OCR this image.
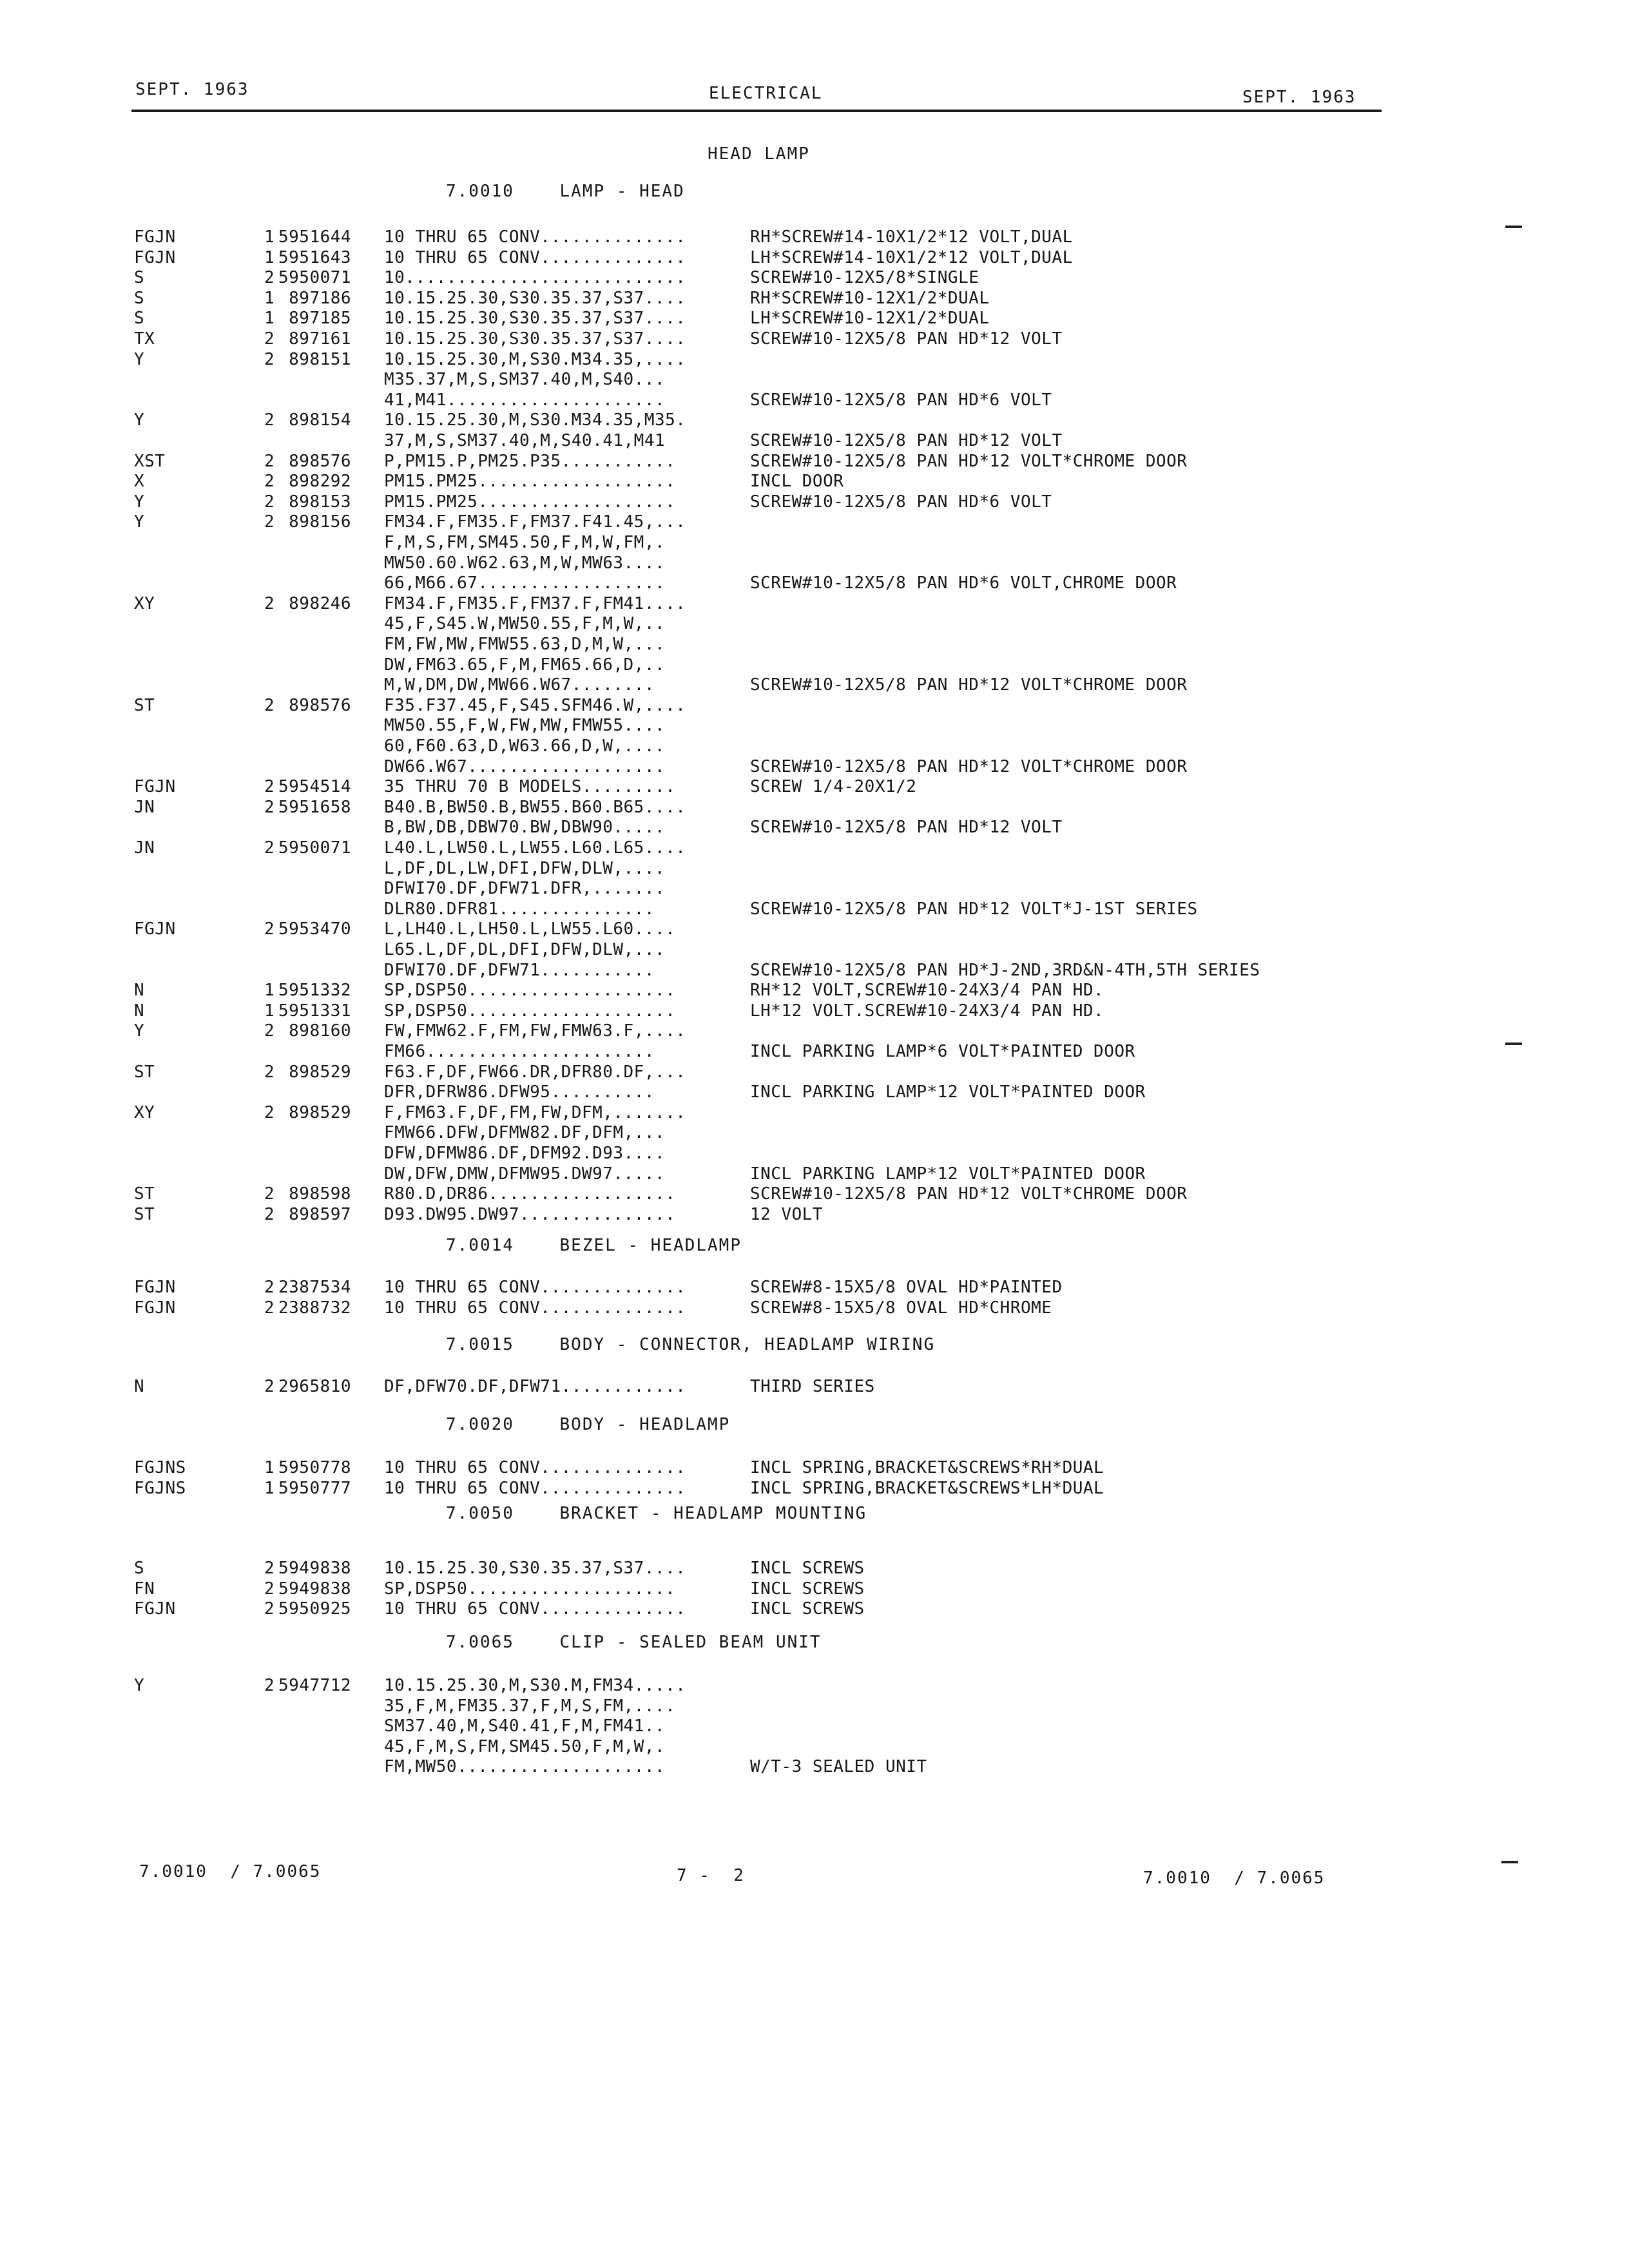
SEPT. 1963	ELECTRICAL	SEPT. 1963
HEAD LAMP
7.0010    LAMP - HEAD
FGJN	1 5951644 10 THRU 65 CONV..............	RH*SCREW#14-10X1/2*12 VOLT,DUAL
FGJN	1 5951643 10 THRU 65 CONV..............	LH*SCREW#14-10X1/2*12 VOLT,DUAL
S	2 5950071 10...........................	SCREW#10-12X5/8*SINGLE
S	1 897186 10.15.25.30,S30.35.37,S37....	RH*SCREW#10-12X1/2*DUAL
S	1 897185 10.15.25.30,S30.35.37,S37....	LH*SCREW#10-12X1/2*DUAL
TX	2 897161 10.15.25.30,S30.35.37,S37....	SCREW#10-12X5/8 PAN HD*12 VOLT
Y	2 898151 10.15.25.30,M,S30.M34.35,....
M35.37,M,S,SM37.40,M,S40...
41,M41.....................	SCREW#10-12X5/8 PAN HD*6 VOLT
Y	2 898154 10.15.25.30,M,S30.M34.35,M35.
37,M,S,SM37.40,M,S40.41,M41	SCREW#10-12X5/8 PAN HD*12 VOLT
XST	2 898576 P,PM15.P,PM25.P35...........	SCREW#10-12X5/8 PAN HD*12 VOLT*CHROME DOOR
X	2 898292 PM15.PM25...................	INCL DOOR
Y	2 898153 PM15.PM25...................	SCREW#10-12X5/8 PAN HD*6 VOLT
Y	2 898156 FM34.F,FM35.F,FM37.F41.45,...
F,M,S,FM,SM45.50,F,M,W,FM,.
MW50.60.W62.63,M,W,MW63....
66,M66.67..................	SCREW#10-12X5/8 PAN HD*6 VOLT,CHROME DOOR
XY	2 898246 FM34.F,FM35.F,FM37.F,FM41....
45,F,S45.W,MW50.55,F,M,W,..
FM,FW,MW,FMW55.63,D,M,W,...
DW,FM63.65,F,M,FM65.66,D,..
M,W,DM,DW,MW66.W67........	SCREW#10-12X5/8 PAN HD*12 VOLT*CHROME DOOR
ST	2 898576 F35.F37.45,F,S45.SFM46.W,....
MW50.55,F,W,FW,MW,FMW55....
60,F60.63,D,W63.66,D,W,....
DW66.W67...................	SCREW#10-12X5/8 PAN HD*12 VOLT*CHROME DOOR
FGJN	2 5954514 35 THRU 70 B MODELS.........	SCREW 1/4-20X1/2
JN	2 5951658 B40.B,BW50.B,BW55.B60.B65....
B,BW,DB,DBW70.BW,DBW90.....	SCREW#10-12X5/8 PAN HD*12 VOLT
JN	2 5950071 L40.L,LW50.L,LW55.L60.L65....
L,DF,DL,LW,DFI,DFW,DLW,....
DFWI70.DF,DFW71.DFR,.......
DLR80.DFR81...............	SCREW#10-12X5/8 PAN HD*12 VOLT*J-1ST SERIES
FGJN	2 5953470 L,LH40.L,LH50.L,LW55.L60....
L65.L,DF,DL,DFI,DFW,DLW,...
DFWI70.DF,DFW71...........	SCREW#10-12X5/8 PAN HD*J-2ND,3RD&N-4TH,5TH SERIES
N	1 5951332 SP,DSP50....................	RH*12 VOLT,SCREW#10-24X3/4 PAN HD.
N	1 5951331 SP,DSP50....................	LH*12 VOLT.SCREW#10-24X3/4 PAN HD.
Y	2 898160 FW,FMW62.F,FM,FW,FMW63.F,....
FM66......................	INCL PARKING LAMP*6 VOLT*PAINTED DOOR
ST	2 898529 F63.F,DF,FW66.DR,DFR80.DF,...
DFR,DFRW86.DFW95..........	INCL PARKING LAMP*12 VOLT*PAINTED DOOR
XY	2 898529 F,FM63.F,DF,FM,FW,DFM,.......
FMW66.DFW,DFMW82.DF,DFM,...
DFW,DFMW86.DF,DFM92.D93....
DW,DFW,DMW,DFMW95.DW97.....	INCL PARKING LAMP*12 VOLT*PAINTED DOOR
ST	2 898598 R80.D,DR86..................	SCREW#10-12X5/8 PAN HD*12 VOLT*CHROME DOOR
ST	2 898597 D93.DW95.DW97...............	12 VOLT
7.0014    BEZEL - HEADLAMP
FGJN	2 2387534 10 THRU 65 CONV..............	SCREW#8-15X5/8 OVAL HD*PAINTED
FGJN	2 2388732 10 THRU 65 CONV..............	SCREW#8-15X5/8 OVAL HD*CHROME
7.0015    BODY - CONNECTOR, HEADLAMP WIRING
N	2 2965810 DF,DFW70.DF,DFW71............	THIRD SERIES
7.0020    BODY - HEADLAMP
FGJNS	1 5950778 10 THRU 65 CONV..............	INCL SPRING,BRACKET&SCREWS*RH*DUAL
FGJNS	1 5950777 10 THRU 65 CONV..............	INCL SPRING,BRACKET&SCREWS*LH*DUAL
7.0050    BRACKET - HEADLAMP MOUNTING
S	2 5949838 10.15.25.30,S30.35.37,S37....	INCL SCREWS
FN	2 5949838 SP,DSP50....................	INCL SCREWS
FGJN	2 5950925 10 THRU 65 CONV..............	INCL SCREWS
7.0065    CLIP - SEALED BEAM UNIT
Y	2 5947712 10.15.25.30,M,S30.M,FM34.....
35,F,M,FM35.37,F,M,S,FM,....
SM37.40,M,S40.41,F,M,FM41..
45,F,M,S,FM,SM45.50,F,M,W,.
FM,MW50....................	W/T-3 SEALED UNIT
7.0010  / 7.0065	7 -  2	7.0010  / 7.0065
